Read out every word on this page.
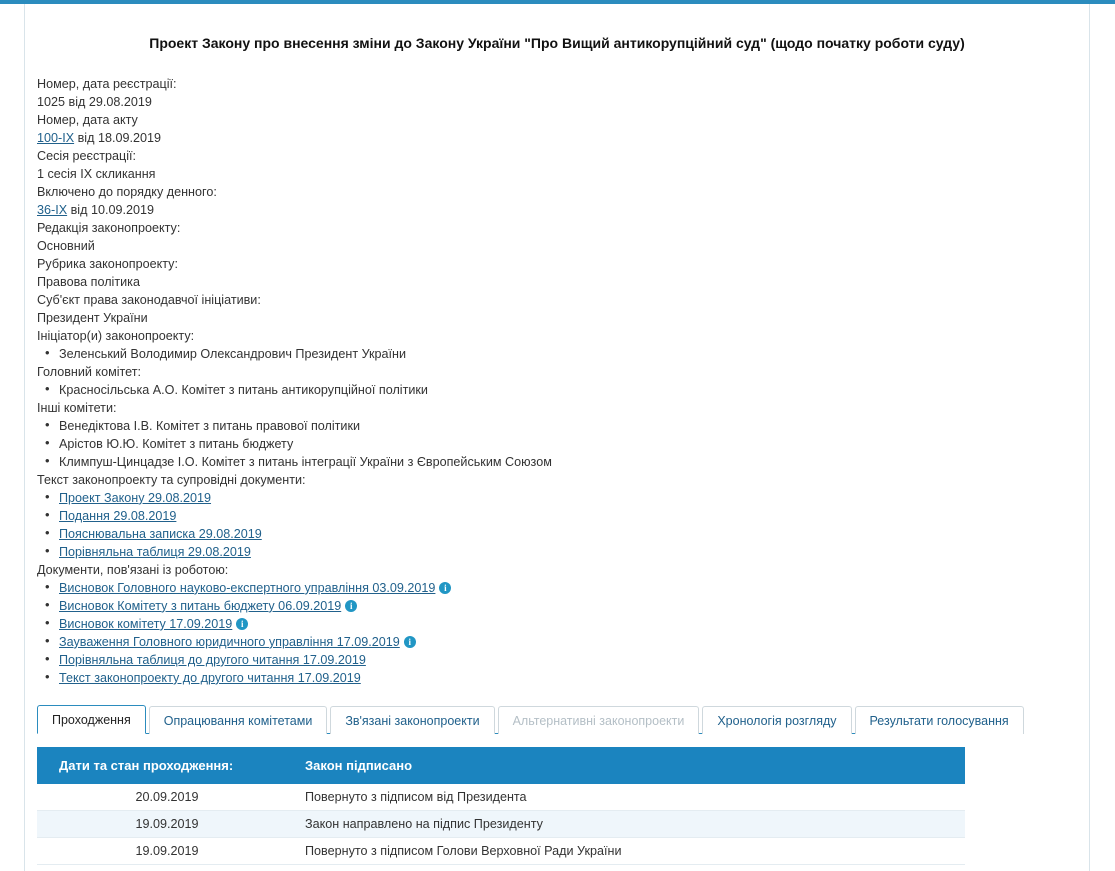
Проект Закону про внесення зміни до Закону України "Про Вищий антикорупційний суд" (щодо початку роботи суду)
Номер, дата реєстрації:
1025 від 29.08.2019
Номер, дата акту
100-IX від 18.09.2019
Сесія реєстрації:
1 сесія IX скликання
Включено до порядку денного:
36-IX від 10.09.2019
Редакція законопроекту:
Основний
Рубрика законопроекту:
Правова політика
Суб'єкт права законодавчої ініціативи:
Президент України
Ініціатор(и) законопроекту:
• Зеленський Володимир Олександрович Президент України
Головний комітет:
• Красносільська А.О. Комітет з питань антикорупційної політики
Інші комітети:
• Венедіктова І.В. Комітет з питань правової політики
• Арістов Ю.Ю. Комітет з питань бюджету
• Климпуш-Цинцадзе І.О. Комітет з питань інтеграції України з Європейським Союзом
Текст законопроекту та супровідні документи:
• Проект Закону 29.08.2019
• Подання 29.08.2019
• Пояснювальна записка 29.08.2019
• Порівняльна таблиця 29.08.2019
Документи, пов'язані із роботою:
• Висновок Головного науково-експертного управління 03.09.2019 i
• Висновок Комітету з питань бюджету 06.09.2019 i
• Висновок комітету 17.09.2019 i
• Зауваження Головного юридичного управління 17.09.2019 i
• Порівняльна таблиця до другого читання 17.09.2019
• Текст законопроекту до другого читання 17.09.2019
Проходження	Опрацювання комітетами	Зв'язані законопроекти	Альтернативні законопроекти	Хронологія розгляду	Результати голосування
Дати та стан проходження:	Закон підписано
20.09.2019	Повернуто з підписом від Президента
19.09.2019	Закон направлено на підпис Президенту
19.09.2019	Повернуто з підписом Голови Верховної Ради України
